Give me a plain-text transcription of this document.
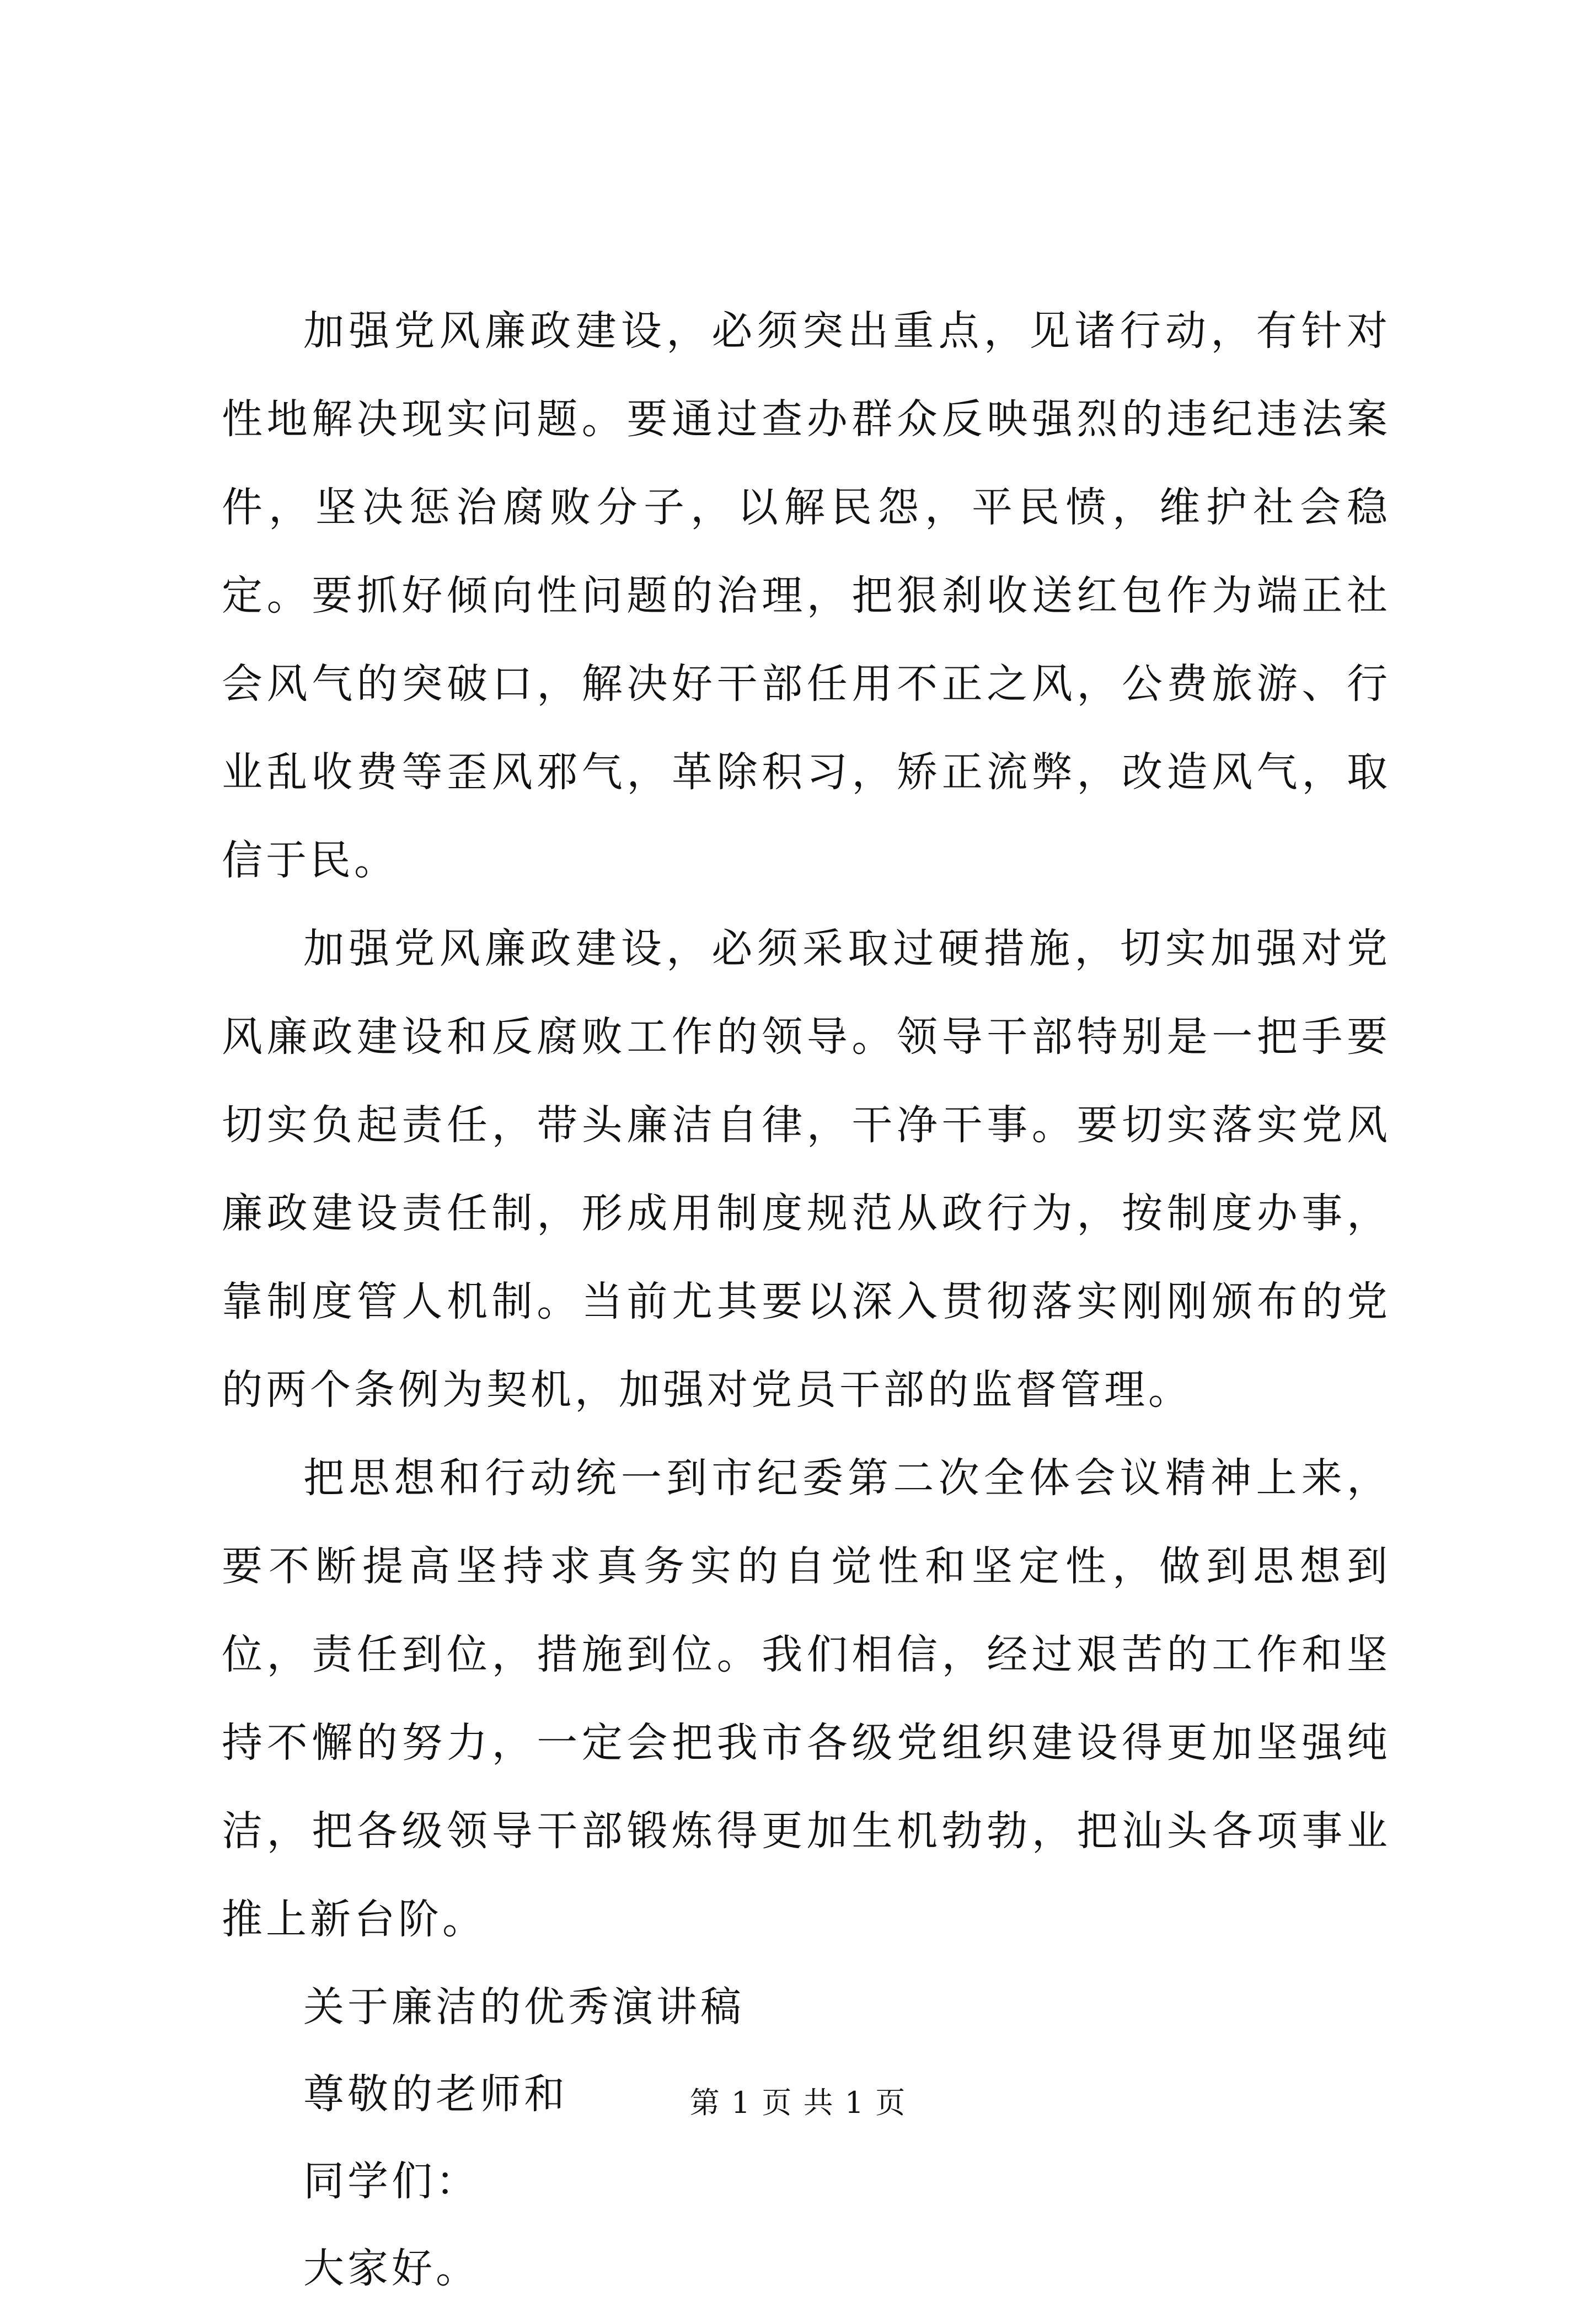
加强党风廉政建设，必须突出重点，见诸行动，有针对性地解决现实问题。要通过查办群众反映强烈的违纪违法案件，坚决惩治腐败分子，以解民怨，平民愤，维护社会稳定。要抓好倾向性问题的治理，把狠刹收送红包作为端正社会风气的突破口，解决好干部任用不正之风，公费旅游、行业乱收费等歪风邪气，革除积习，矫正流弊，改造风气，取信于民。

加强党风廉政建设，必须采取过硬措施，切实加强对党风廉政建设和反腐败工作的领导。领导干部特别是一把手要切实负起责任，带头廉洁自律，干净干事。要切实落实党风廉政建设责任制，形成用制度规范从政行为，按制度办事，靠制度管人机制。当前尤其要以深入贯彻落实刚刚颁布的党的两个条例为契机，加强对党员干部的监督管理。

把思想和行动统一到市纪委第二次全体会议精神上来，要不断提高坚持求真务实的自觉性和坚定性，做到思想到位，责任到位，措施到位。我们相信，经过艰苦的工作和坚持不懈的努力，一定会把我市各级党组织建设得更加坚强纯洁，把各级领导干部锻炼得更加生机勃勃，把汕头各项事业推上新台阶。

关于廉洁的优秀演讲稿

尊敬的老师和

同学们：

大家好。

第 1 页 共 1 页
